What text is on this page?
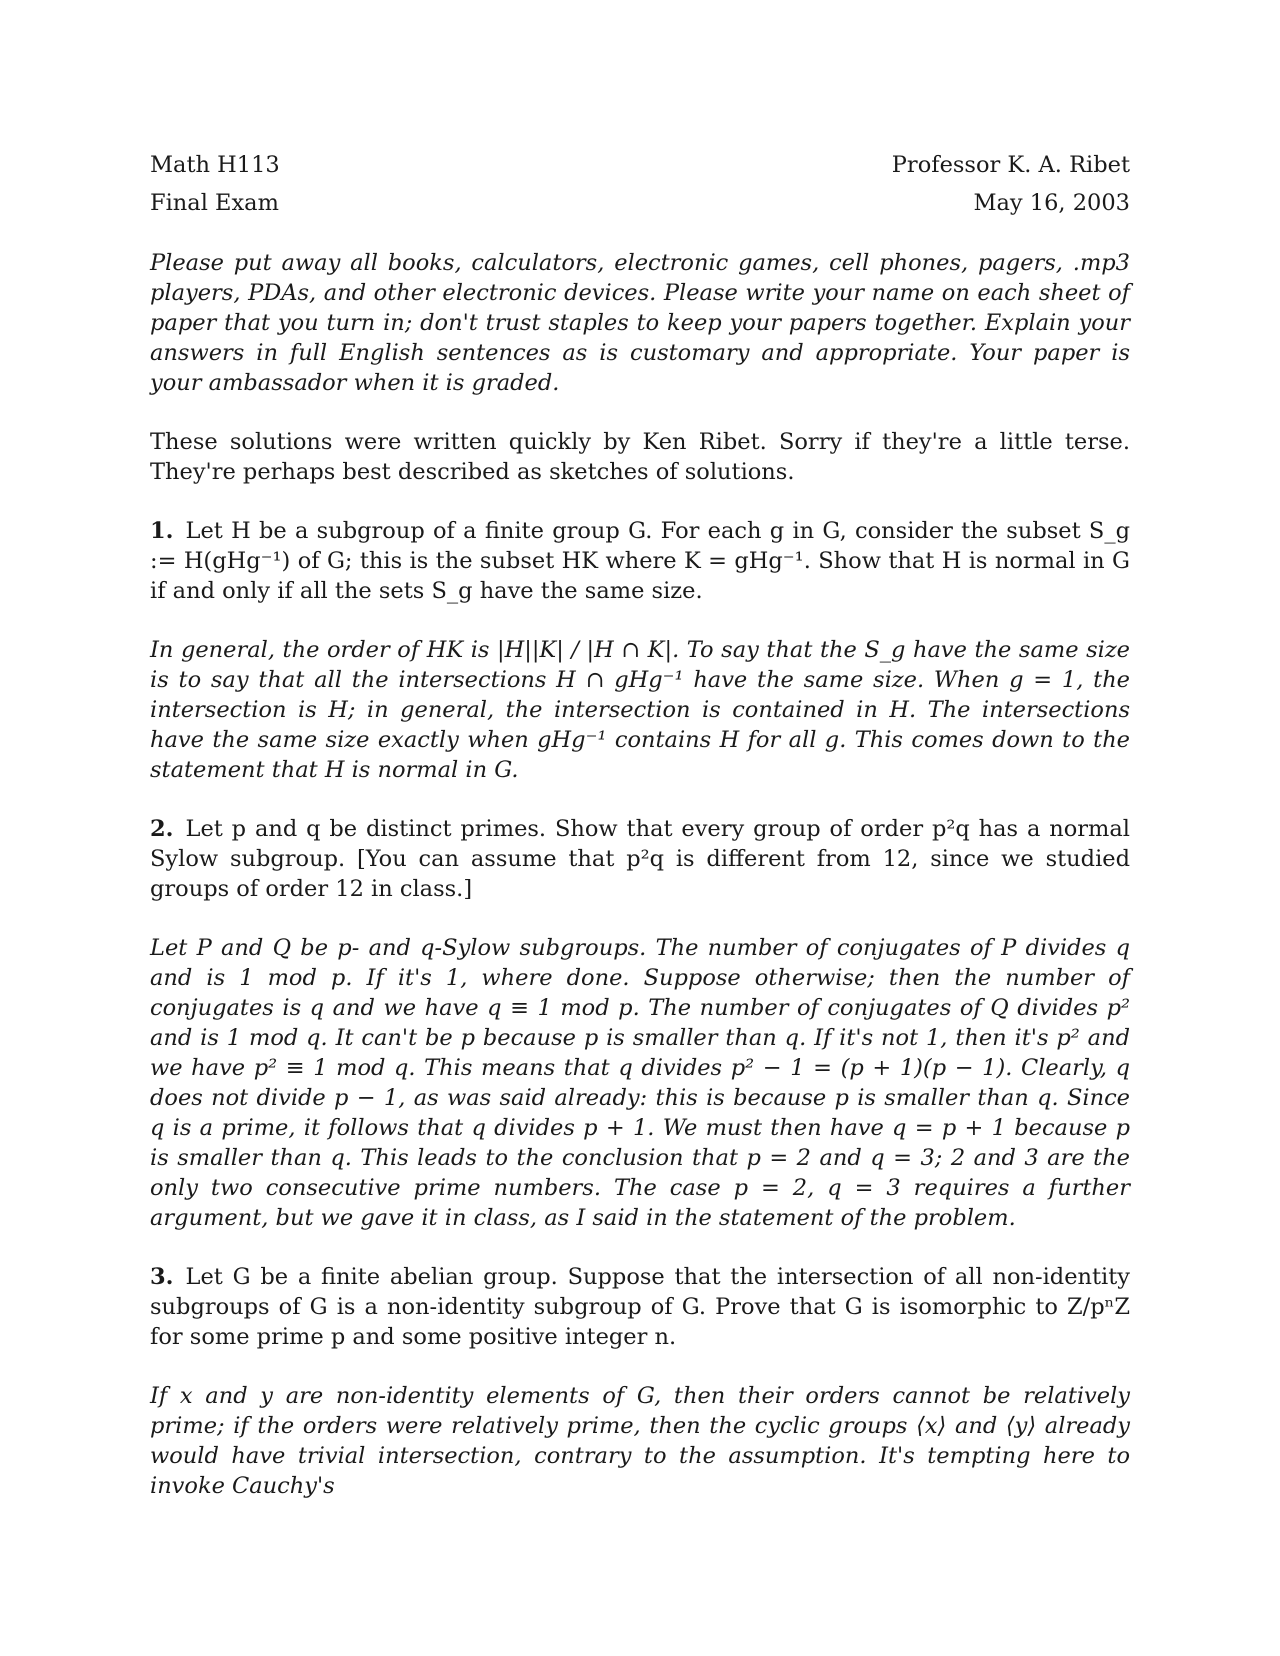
Math H113	Professor K. A. Ribet
Final Exam	May 16, 2003

Please put away all books, calculators, electronic games, cell phones, pagers, .mp3 players, PDAs, and other electronic devices. Please write your name on each sheet of paper that you turn in; don't trust staples to keep your papers together. Explain your answers in full English sentences as is customary and appropriate. Your paper is your ambassador when it is graded.

These solutions were written quickly by Ken Ribet. Sorry if they're a little terse. They're perhaps best described as sketches of solutions.

1. Let H be a subgroup of a finite group G. For each g in G, consider the subset S_g := H(gHg⁻¹) of G; this is the subset HK where K = gHg⁻¹. Show that H is normal in G if and only if all the sets S_g have the same size.

In general, the order of HK is |H||K| / |H ∩ K|. To say that the S_g have the same size is to say that all the intersections H ∩ gHg⁻¹ have the same size. When g = 1, the intersection is H; in general, the intersection is contained in H. The intersections have the same size exactly when gHg⁻¹ contains H for all g. This comes down to the statement that H is normal in G.

2. Let p and q be distinct primes. Show that every group of order p²q has a normal Sylow subgroup. [You can assume that p²q is different from 12, since we studied groups of order 12 in class.]

Let P and Q be p- and q-Sylow subgroups. The number of conjugates of P divides q and is 1 mod p. If it's 1, where done. Suppose otherwise; then the number of conjugates is q and we have q ≡ 1 mod p. The number of conjugates of Q divides p² and is 1 mod q. It can't be p because p is smaller than q. If it's not 1, then it's p² and we have p² ≡ 1 mod q. This means that q divides p² − 1 = (p + 1)(p − 1). Clearly, q does not divide p − 1, as was said already: this is because p is smaller than q. Since q is a prime, it follows that q divides p + 1. We must then have q = p + 1 because p is smaller than q. This leads to the conclusion that p = 2 and q = 3; 2 and 3 are the only two consecutive prime numbers. The case p = 2, q = 3 requires a further argument, but we gave it in class, as I said in the statement of the problem.

3. Let G be a finite abelian group. Suppose that the intersection of all non-identity subgroups of G is a non-identity subgroup of G. Prove that G is isomorphic to Z/pⁿZ for some prime p and some positive integer n.

If x and y are non-identity elements of G, then their orders cannot be relatively prime; if the orders were relatively prime, then the cyclic groups ⟨x⟩ and ⟨y⟩ already would have trivial intersection, contrary to the assumption. It's tempting here to invoke Cauchy's
